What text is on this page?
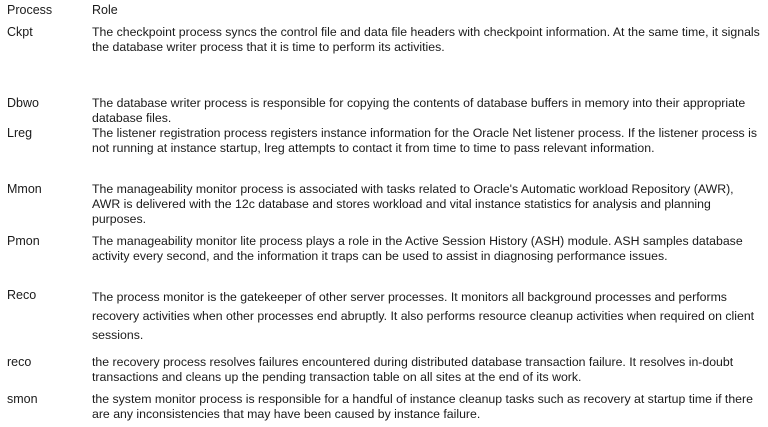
Process	Role
Ckpt	The checkpoint process syncs the control file and data file headers with checkpoint information. At the same time, it signals the database writer process that it is time to perform its activities.

Dbwo	The database writer process is responsible for copying the contents of database buffers in memory into their appropriate database files.

Lreg	The listener registration process registers instance information for the Oracle Net listener process. If the listener process is not running at instance startup, lreg attempts to contact it from time to time to pass relevant information.

Mmon	The manageability monitor process is associated with tasks related to Oracle's Automatic workload Repository (AWR), AWR is delivered with the 12c database and stores workload and vital instance statistics for analysis and planning purposes.

Pmon	The manageability monitor lite process plays a role in the Active Session History (ASH) module. ASH samples database activity every second, and the information it traps can be used to assist in diagnosing performance issues.

Reco	The process monitor is the gatekeeper of other server processes. It monitors all background processes and performs recovery activities when other processes end abruptly. It also performs resource cleanup activities when required on client sessions.

reco	the recovery process resolves failures encountered during distributed database transaction failure. It resolves in-doubt transactions and cleans up the pending transaction table on all sites at the end of its work.

smon	the system monitor process is responsible for a handful of instance cleanup tasks such as recovery at startup time if there are any inconsistencies that may have been caused by instance failure.
